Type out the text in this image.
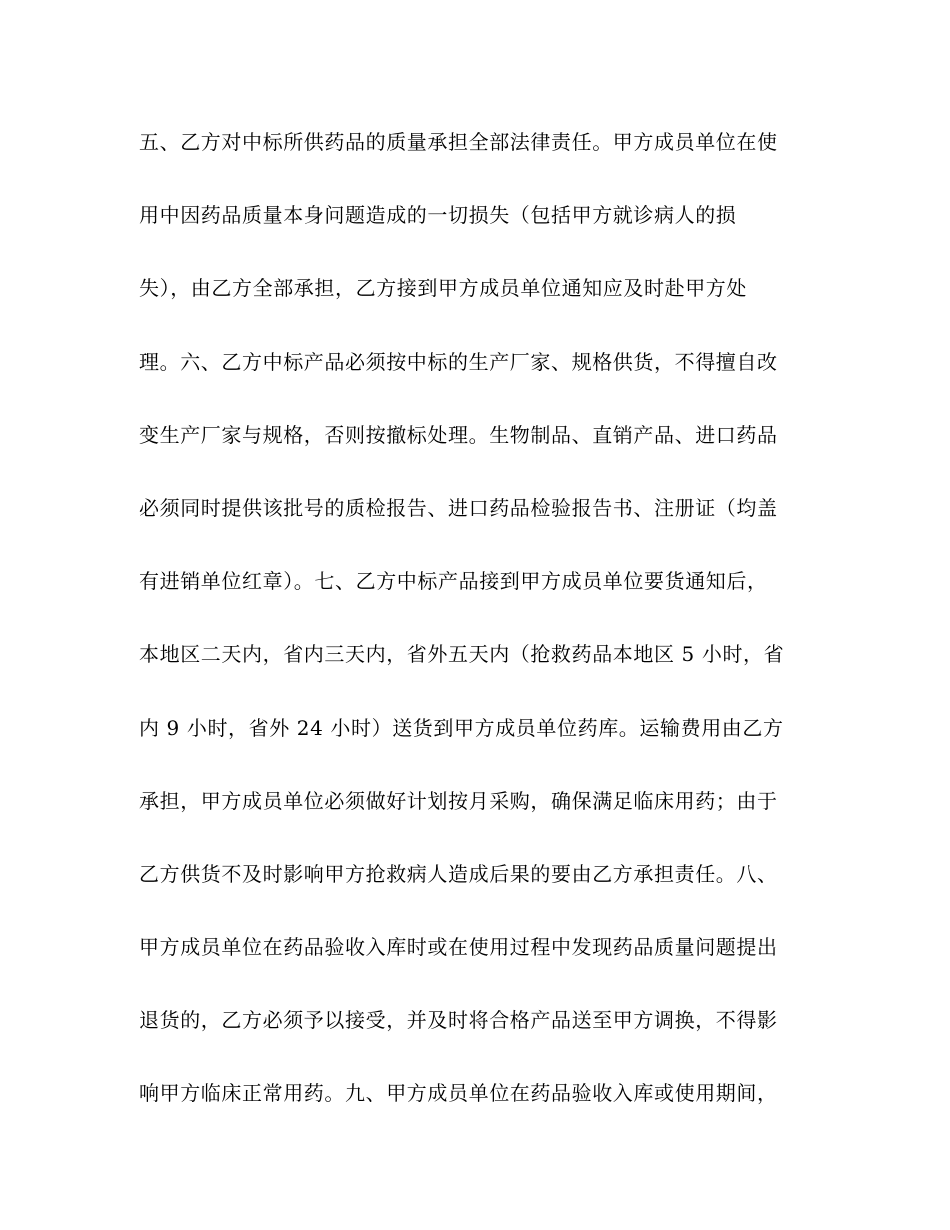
五、乙方对中标所供药品的质量承担全部法律责任。甲方成员单位在使
用中因药品质量本身问题造成的一切损失（包括甲方就诊病人的损
失），由乙方全部承担，乙方接到甲方成员单位通知应及时赴甲方处
理。六、乙方中标产品必须按中标的生产厂家、规格供货，不得擅自改
变生产厂家与规格，否则按撤标处理。生物制品、直销产品、进口药品
必须同时提供该批号的质检报告、进口药品检验报告书、注册证（均盖
有进销单位红章）。七、乙方中标产品接到甲方成员单位要货通知后，
本地区二天内，省内三天内，省外五天内（抢救药品本地区 5 小时，省
内 9 小时，省外 24 小时）送货到甲方成员单位药库。运输费用由乙方
承担，甲方成员单位必须做好计划按月采购，确保满足临床用药；由于
乙方供货不及时影响甲方抢救病人造成后果的要由乙方承担责任。八、
甲方成员单位在药品验收入库时或在使用过程中发现药品质量问题提出
退货的，乙方必须予以接受，并及时将合格产品送至甲方调换，不得影
响甲方临床正常用药。九、甲方成员单位在药品验收入库或使用期间，
